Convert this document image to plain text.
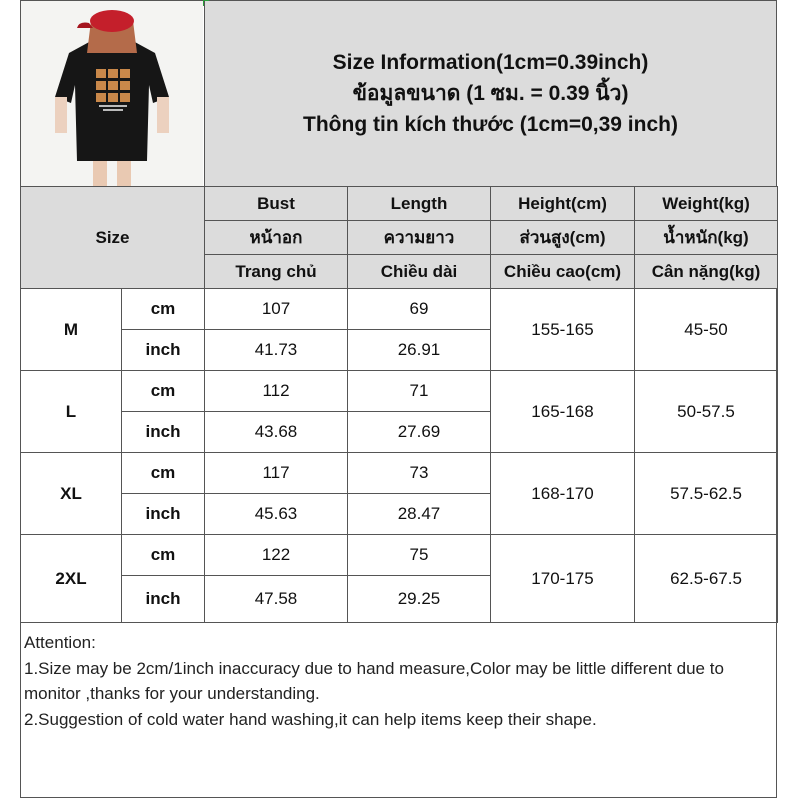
Size Information(1cm=0.39inch)
ข้อมูลขนาด (1 ซม. = 0.39 นิ้ว)
Thông tin kích thước (1cm=0,39 inch)
Size		Bust	Length	Height(cm)	Weight(kg)
		หน้าอก	ความยาว	ส่วนสูง(cm)	น้ำหนัก(kg)
		Trang chủ	Chiều dài	Chiều cao(cm)	Cân nặng(kg)
M	cm	107	69	155-165	45-50
	inch	41.73	26.91		
L	cm	112	71	165-168	50-57.5
	inch	43.68	27.69		
XL	cm	117	73	168-170	57.5-62.5
	inch	45.63	28.47		
2XL	cm	122	75	170-175	62.5-67.5
	inch	47.58	29.25		
Attention:
1.Size may be 2cm/1inch inaccuracy due to hand measure,Color may be little different due to monitor ,thanks for your understanding.
2.Suggestion of cold water hand washing,it can help items keep their shape.
